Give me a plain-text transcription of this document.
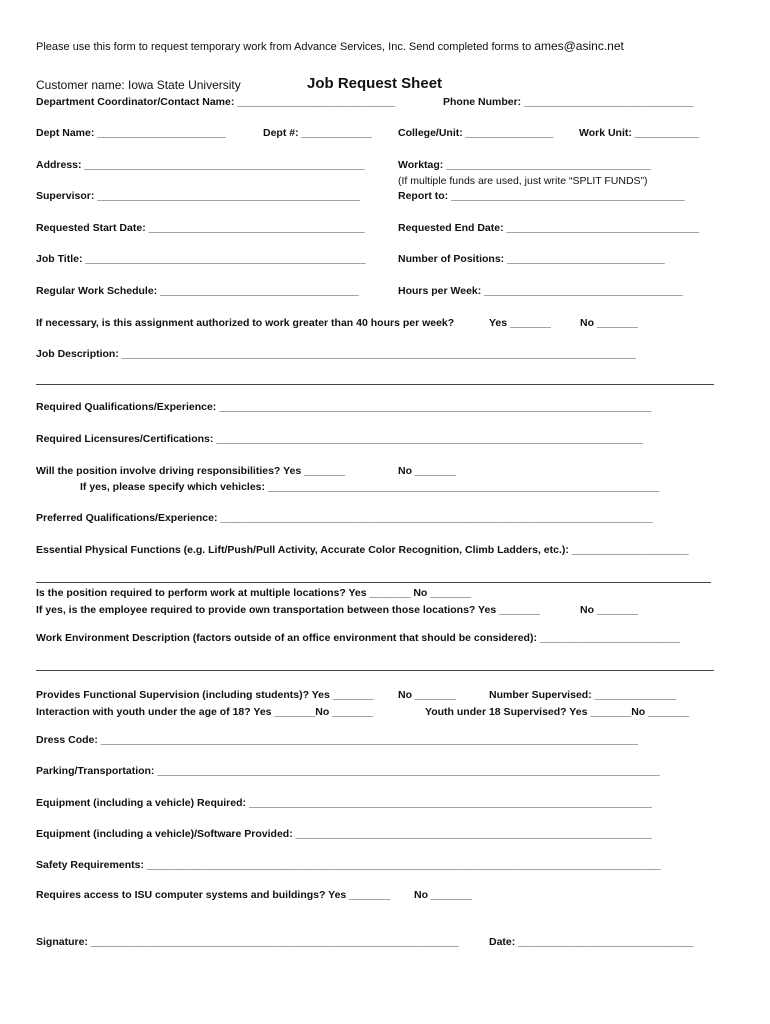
Please use this form to request temporary work from Advance Services, Inc. Send completed forms to ames@asinc.net
Customer name: Iowa State University	Job Request Sheet
Department Coordinator/Contact Name: ___________________________	Phone Number: _____________________________
Dept Name: ______________________	Dept #: ____________	College/Unit: _______________ Work Unit: ___________
Address: ________________________________________________	Worktag: ___________________________________
(If multiple funds are used, just write “SPLIT FUNDS”)
Supervisor: _____________________________________________	Report to: ________________________________________
Requested Start Date: _____________________________________	Requested End Date: _________________________________
Job Title: ________________________________________________	Number of Positions: ___________________________
Regular Work Schedule: __________________________________	Hours per Week: __________________________________
If necessary, is this assignment authorized to work greater than 40 hours per week?	Yes _______	No _______
Job Description: ________________________________________________________________________________________
Required Qualifications/Experience: __________________________________________________________________________
Required Licensures/Certifications: _________________________________________________________________________
Will the position involve driving responsibilities? Yes _______	No _______
If yes, please specify which vehicles: ___________________________________________________________________
Preferred Qualifications/Experience: __________________________________________________________________________
Essential Physical Functions (e.g. Lift/Push/Pull Activity, Accurate Color Recognition, Climb Ladders, etc.): ____________________
Is the position required to perform work at multiple locations? Yes _______ No _______
If yes, is the employee required to provide own transportation between those locations? Yes _______	No _______
Work Environment Description (factors outside of an office environment that should be considered): ________________________
Provides Functional Supervision (including students)? Yes _______ No _______	Number Supervised: ______________
Interaction with youth under the age of 18? Yes _______No _______	Youth under 18 Supervised? Yes _______No _______
Dress Code: ____________________________________________________________________________________________
Parking/Transportation: ______________________________________________________________________________________
Equipment (including a vehicle) Required: _____________________________________________________________________
Equipment (including a vehicle)/Software Provided: _____________________________________________________________
Safety Requirements: ________________________________________________________________________________________
Requires access to ISU computer systems and buildings? Yes _______ No _______
Signature: _______________________________________________________________	Date: ______________________________
